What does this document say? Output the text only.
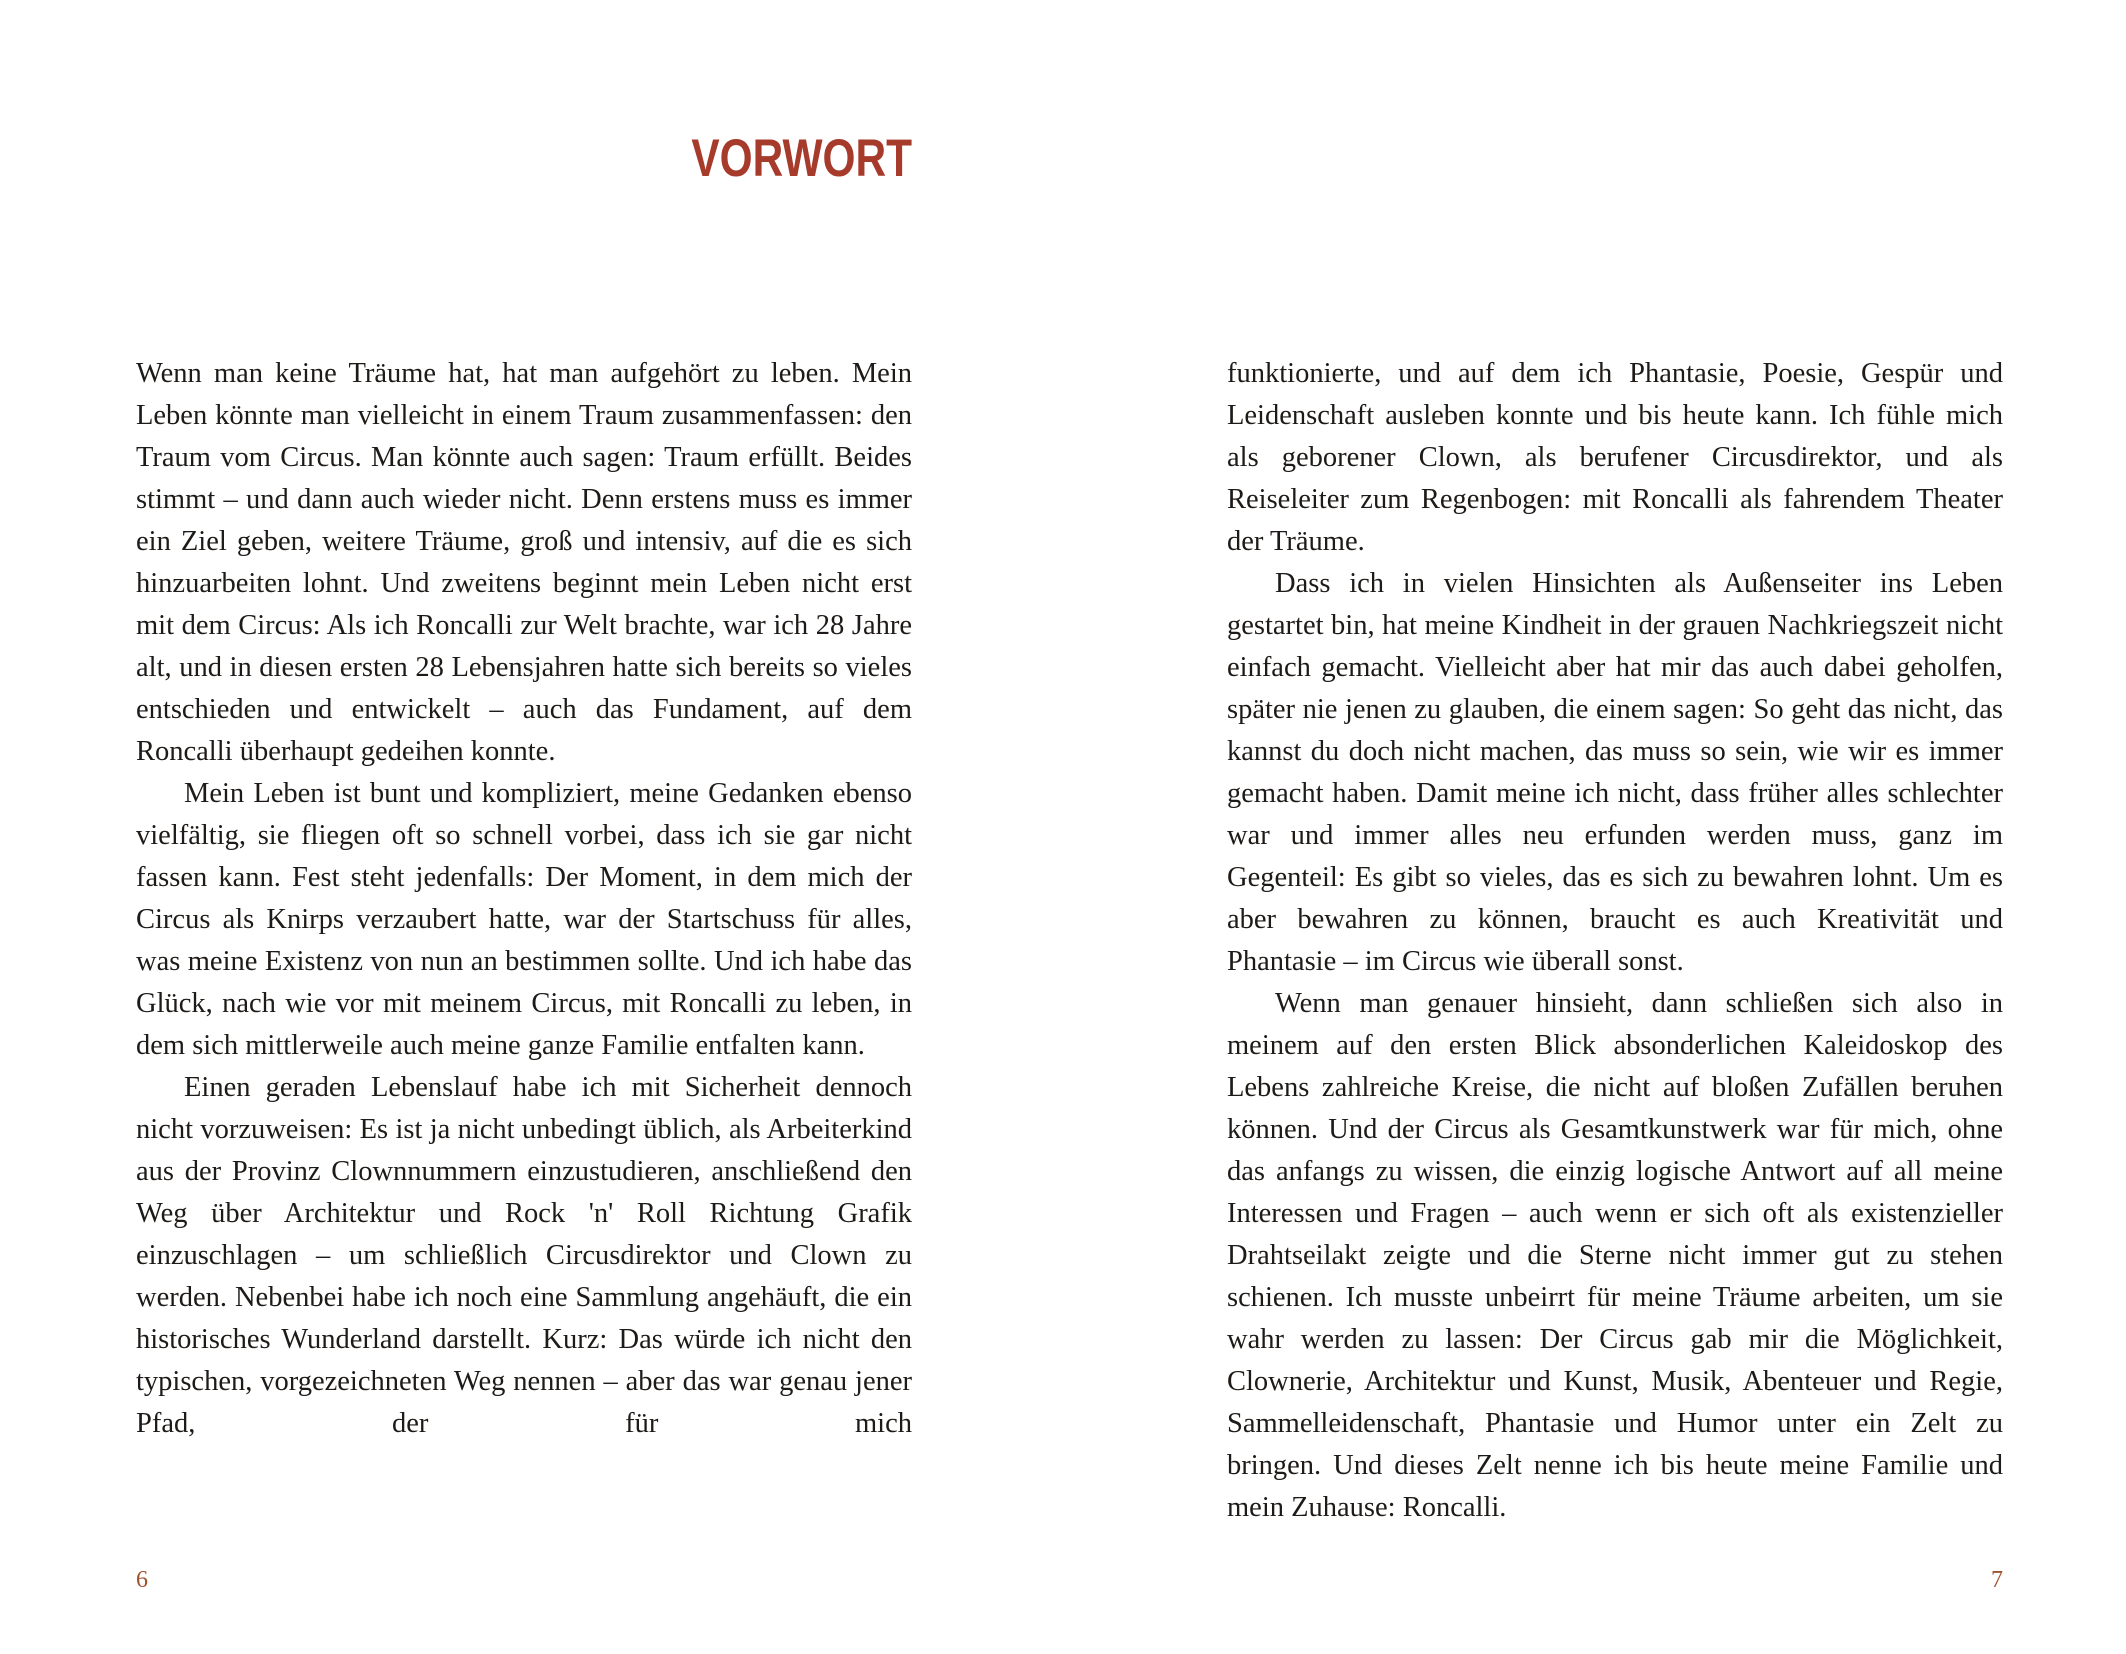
VORWORT

Wenn man keine Träume hat, hat man aufgehört zu leben. Mein Leben könnte man vielleicht in einem Traum zusammenfassen: den Traum vom Circus. Man könnte auch sagen: Traum erfüllt. Beides stimmt – und dann auch wieder nicht. Denn erstens muss es immer ein Ziel geben, weitere Träume, groß und intensiv, auf die es sich hinzuarbeiten lohnt. Und zweitens beginnt mein Leben nicht erst mit dem Circus: Als ich Roncalli zur Welt brachte, war ich 28 Jahre alt, und in diesen ersten 28 Lebensjahren hatte sich bereits so vieles entschieden und entwickelt – auch das Fundament, auf dem Roncalli überhaupt gedeihen konnte.

Mein Leben ist bunt und kompliziert, meine Gedanken ebenso vielfältig, sie fliegen oft so schnell vorbei, dass ich sie gar nicht fassen kann. Fest steht jedenfalls: Der Moment, in dem mich der Circus als Knirps verzaubert hatte, war der Startschuss für alles, was meine Existenz von nun an bestimmen sollte. Und ich habe das Glück, nach wie vor mit meinem Circus, mit Roncalli zu leben, in dem sich mittlerweile auch meine ganze Familie entfalten kann.

Einen geraden Lebenslauf habe ich mit Sicherheit dennoch nicht vorzuweisen: Es ist ja nicht unbedingt üblich, als Arbeiterkind aus der Provinz Clownnummern einzustudieren, anschließend den Weg über Architektur und Rock 'n' Roll Richtung Grafik einzuschlagen – um schließlich Circusdirektor und Clown zu werden. Nebenbei habe ich noch eine Sammlung angehäuft, die ein historisches Wunderland darstellt. Kurz: Das würde ich nicht den typischen, vorgezeichneten Weg nennen – aber das war genau jener Pfad, der für mich

6

funktionierte, und auf dem ich Phantasie, Poesie, Gespür und Leidenschaft ausleben konnte und bis heute kann. Ich fühle mich als geborener Clown, als berufener Circusdirektor, und als Reiseleiter zum Regenbogen: mit Roncalli als fahrendem Theater der Träume.

Dass ich in vielen Hinsichten als Außenseiter ins Leben gestartet bin, hat meine Kindheit in der grauen Nachkriegszeit nicht einfach gemacht. Vielleicht aber hat mir das auch dabei geholfen, später nie jenen zu glauben, die einem sagen: So geht das nicht, das kannst du doch nicht machen, das muss so sein, wie wir es immer gemacht haben. Damit meine ich nicht, dass früher alles schlechter war und immer alles neu erfunden werden muss, ganz im Gegenteil: Es gibt so vieles, das es sich zu bewahren lohnt. Um es aber bewahren zu können, braucht es auch Kreativität und Phantasie – im Circus wie überall sonst.

Wenn man genauer hinsieht, dann schließen sich also in meinem auf den ersten Blick absonderlichen Kaleidoskop des Lebens zahlreiche Kreise, die nicht auf bloßen Zufällen beruhen können. Und der Circus als Gesamtkunstwerk war für mich, ohne das anfangs zu wissen, die einzig logische Antwort auf all meine Interessen und Fragen – auch wenn er sich oft als existenzieller Drahtseilakt zeigte und die Sterne nicht immer gut zu stehen schienen. Ich musste unbeirrt für meine Träume arbeiten, um sie wahr werden zu lassen: Der Circus gab mir die Möglichkeit, Clownerie, Architektur und Kunst, Musik, Abenteuer und Regie, Sammelleidenschaft, Phantasie und Humor unter ein Zelt zu bringen. Und dieses Zelt nenne ich bis heute meine Familie und mein Zuhause: Roncalli.

7
